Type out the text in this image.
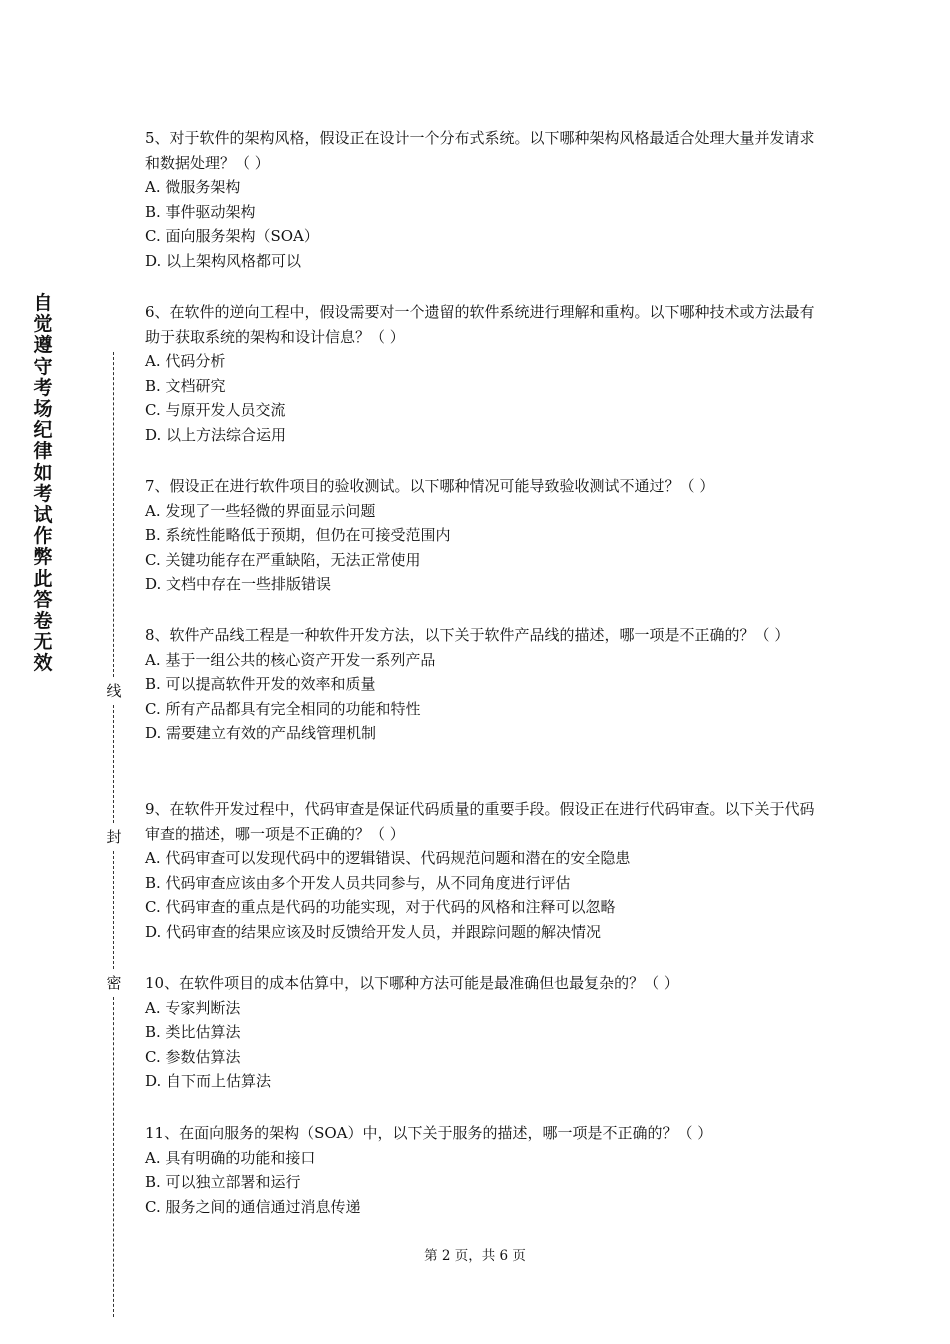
自觉遵守考场纪律如考试作弊此答卷无效
线
封
密

5、对于软件的架构风格，假设正在设计一个分布式系统。以下哪种架构风格最适合处理大量并发请求和数据处理？（ ）

A. 微服务架构

B. 事件驱动架构

C. 面向服务架构（SOA）

D. 以上架构风格都可以

6、在软件的逆向工程中，假设需要对一个遗留的软件系统进行理解和重构。以下哪种技术或方法最有助于获取系统的架构和设计信息？（ ）

A. 代码分析

B. 文档研究

C. 与原开发人员交流

D. 以上方法综合运用

7、假设正在进行软件项目的验收测试。以下哪种情况可能导致验收测试不通过？（ ）

A. 发现了一些轻微的界面显示问题

B. 系统性能略低于预期，但仍在可接受范围内

C. 关键功能存在严重缺陷，无法正常使用

D. 文档中存在一些排版错误

8、软件产品线工程是一种软件开发方法，以下关于软件产品线的描述，哪一项是不正确的？（ ）

A. 基于一组公共的核心资产开发一系列产品

B. 可以提高软件开发的效率和质量

C. 所有产品都具有完全相同的功能和特性

D. 需要建立有效的产品线管理机制

9、在软件开发过程中，代码审查是保证代码质量的重要手段。假设正在进行代码审查。以下关于代码审查的描述，哪一项是不正确的？（ ）

A. 代码审查可以发现代码中的逻辑错误、代码规范问题和潜在的安全隐患

B. 代码审查应该由多个开发人员共同参与，从不同角度进行评估

C. 代码审查的重点是代码的功能实现，对于代码的风格和注释可以忽略

D. 代码审查的结果应该及时反馈给开发人员，并跟踪问题的解决情况

10、在软件项目的成本估算中，以下哪种方法可能是最准确但也最复杂的？（ ）

A. 专家判断法

B. 类比估算法

C. 参数估算法

D. 自下而上估算法

11、在面向服务的架构（SOA）中，以下关于服务的描述，哪一项是不正确的？（ ）

A. 具有明确的功能和接口

B. 可以独立部署和运行

C. 服务之间的通信通过消息传递

第 2 页，共 6 页
